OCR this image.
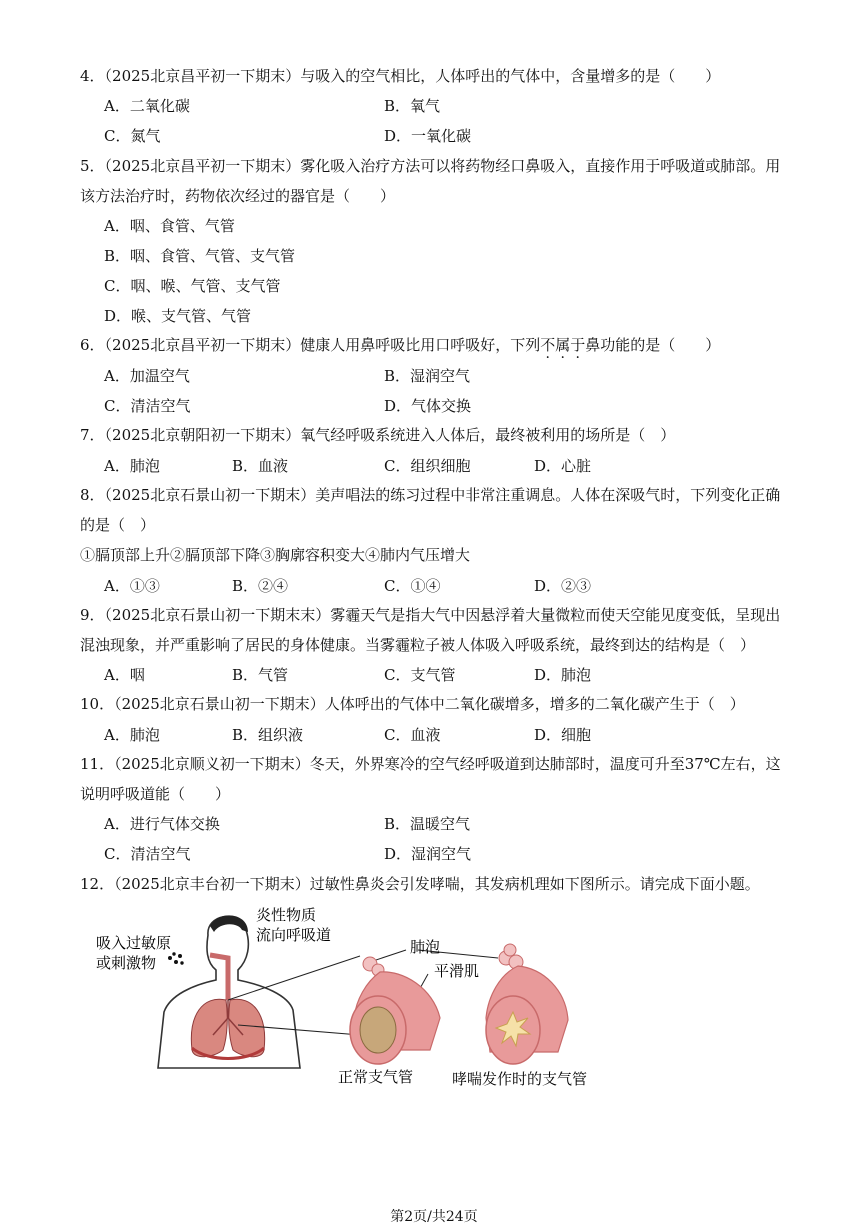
4．（2025北京昌平初一下期末）与吸入的空气相比，人体呼出的气体中，含量增多的是（　　）
A．二氧化碳	B．氧气
C．氮气	D．一氧化碳
5．（2025北京昌平初一下期末）雾化吸入治疗方法可以将药物经口鼻吸入，直接作用于呼吸道或肺部。用
该方法治疗时，药物依次经过的器官是（　　）
A．咽、食管、气管
B．咽、食管、气管、支气管
C．咽、喉、气管、支气管
D．喉、支气管、气管
6．（2025北京昌平初一下期末）健康人用鼻呼吸比用口呼吸好，下列不属于鼻功能的是（　　）
A．加温空气	B．湿润空气
C．清洁空气	D．气体交换
7．（2025北京朝阳初一下期末）氧气经呼吸系统进入人体后，最终被利用的场所是（　）
A．肺泡	B．血液	C．组织细胞	D．心脏
8．（2025北京石景山初一下期末）美声唱法的练习过程中非常注重调息。人体在深吸气时，下列变化正确
的是（　）
①膈顶部上升②膈顶部下降③胸廓容积变大④肺内气压增大
A．①③	B．②④	C．①④	D．②③
9．（2025北京石景山初一下期末末）雾霾天气是指大气中因悬浮着大量微粒而使天空能见度变低，呈现出
混浊现象，并严重影响了居民的身体健康。当雾霾粒子被人体吸入呼吸系统，最终到达的结构是（　）
A．咽	B．气管	C．支气管	D．肺泡
10．（2025北京石景山初一下期末）人体呼出的气体中二氧化碳增多，增多的二氧化碳产生于（　）
A．肺泡	B．组织液	C．血液	D．细胞
11．（2025北京顺义初一下期末）冬天，外界寒冷的空气经呼吸道到达肺部时，温度可升至37℃左右，这
说明呼吸道能（　　）
A．进行气体交换	B．温暖空气
C．清洁空气	D．湿润空气
12．（2025北京丰台初一下期末）过敏性鼻炎会引发哮喘，其发病机理如下图所示。请完成下面小题。
吸入过敏原
或刺激物
炎性物质
流向呼吸道
肺泡
平滑肌
正常支气管	哮喘发作时的支气管
第2页/共24页
